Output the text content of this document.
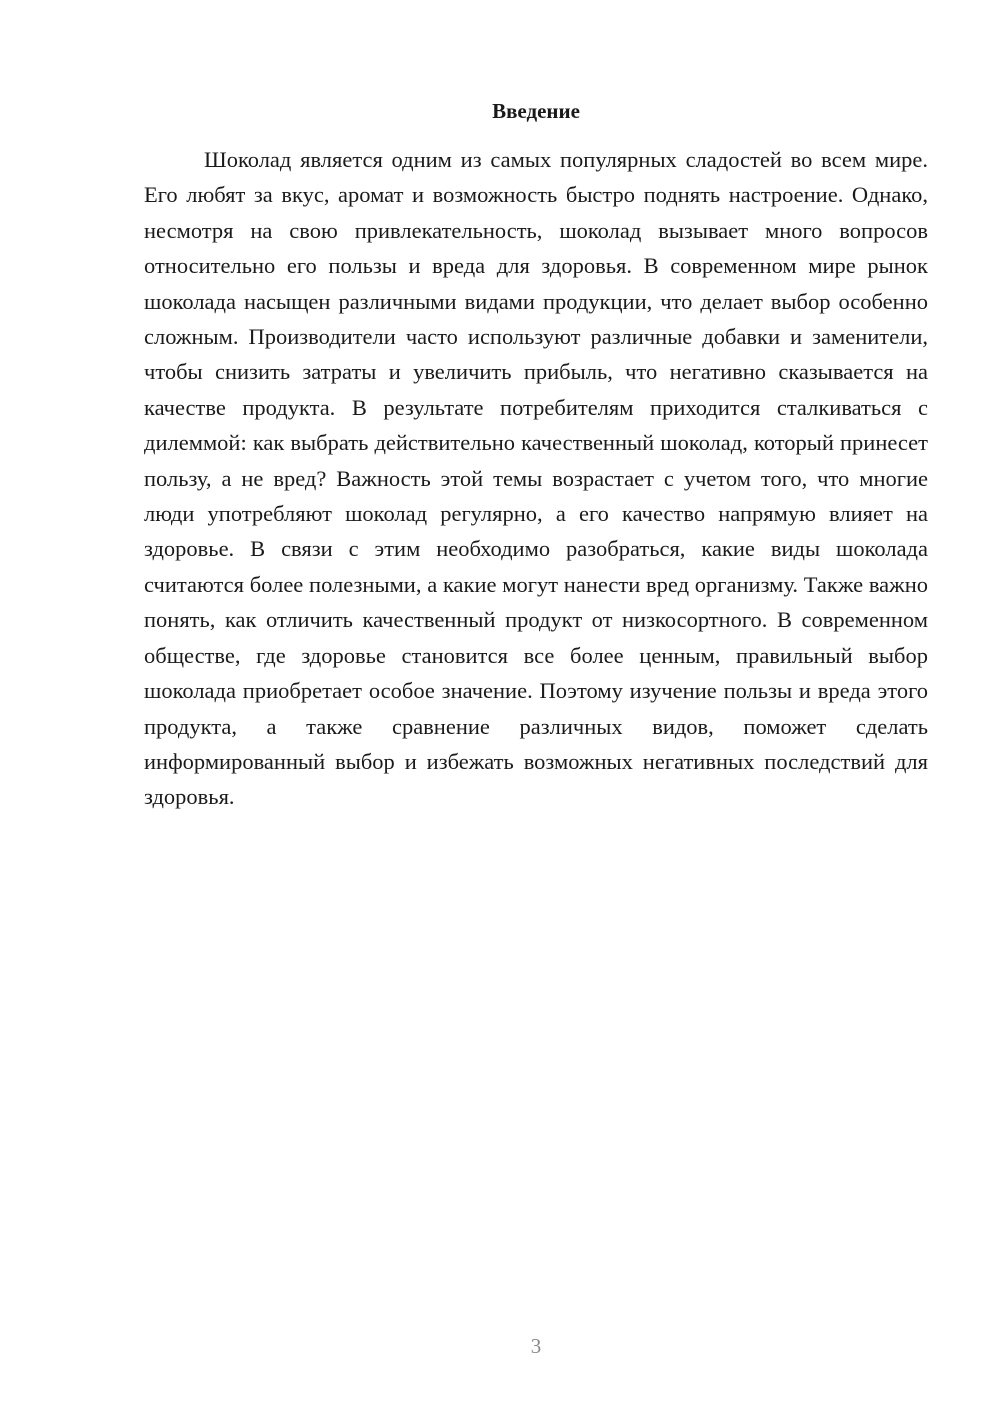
Введение

Шоколад является одним из самых популярных сладостей во всем мире. Его любят за вкус, аромат и возможность быстро поднять настроение. Однако, несмотря на свою привлекательность, шоколад вызывает много вопросов относительно его пользы и вреда для здоровья. В современном мире рынок шоколада насыщен различными видами продукции, что делает выбор особенно сложным. Производители часто используют различные добавки и заменители, чтобы снизить затраты и увеличить прибыль, что негативно сказывается на качестве продукта. В результате потребителям приходится сталкиваться с дилеммой: как выбрать действительно качественный шоколад, который принесет пользу, а не вред? Важность этой темы возрастает с учетом того, что многие люди употребляют шоколад регулярно, а его качество напрямую влияет на здоровье. В связи с этим необходимо разобраться, какие виды шоколада считаются более полезными, а какие могут нанести вред организму. Также важно понять, как отличить качественный продукт от низкосортного. В современном обществе, где здоровье становится все более ценным, правильный выбор шоколада приобретает особое значение. Поэтому изучение пользы и вреда этого продукта, а также сравнение различных видов, поможет сделать информированный выбор и избежать возможных негативных последствий для здоровья.

3
